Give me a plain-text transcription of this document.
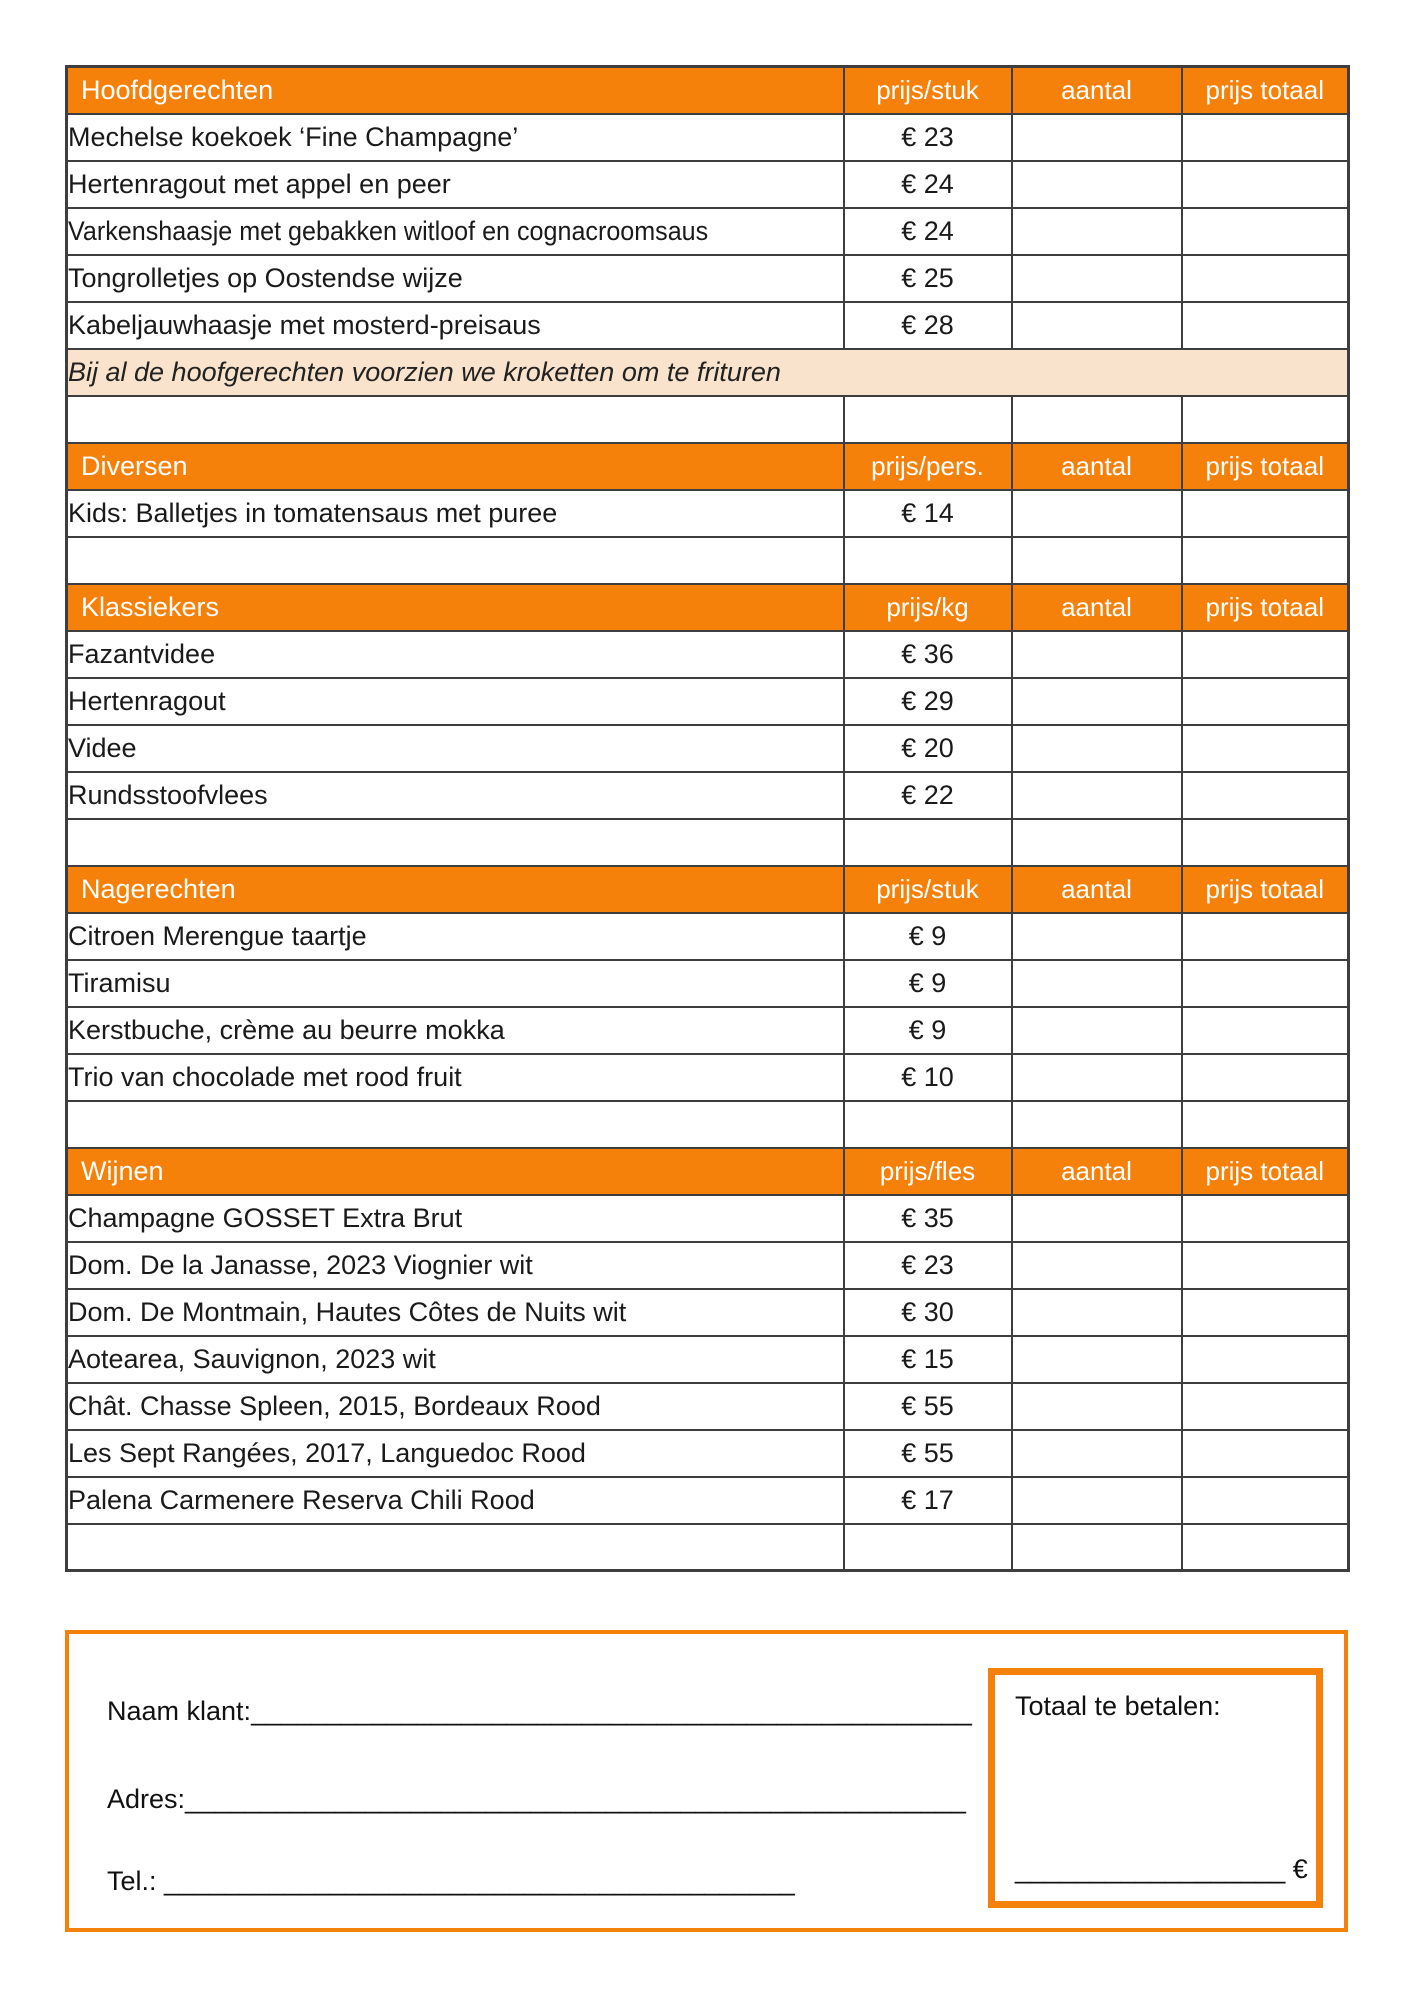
Hoofdgerechten	prijs/stuk	aantal	prijs totaal
Mechelse koekoek ‘Fine Champagne’	€ 23		
Hertenragout met appel en peer	€ 24		
Varkenshaasje met gebakken witloof en cognacroomsaus	€ 24		
Tongrolletjes op Oostendse wijze	€ 25		
Kabeljauwhaasje met mosterd-preisaus	€ 28		
Bij al de hoofgerechten voorzien we kroketten om te frituren			

Diversen	prijs/pers.	aantal	prijs totaal
Kids: Balletjes in tomatensaus met puree	€ 14		

Klassiekers	prijs/kg	aantal	prijs totaal
Fazantvidee	€ 36		
Hertenragout	€ 29		
Videe	€ 20		
Rundsstoofvlees	€ 22		

Nagerechten	prijs/stuk	aantal	prijs totaal
Citroen Merengue taartje	€ 9		
Tiramisu	€ 9		
Kerstbuche, crème au beurre mokka	€ 9		
Trio van chocolade met rood fruit	€ 10		

Wijnen	prijs/fles	aantal	prijs totaal
Champagne GOSSET Extra Brut	€ 35		
Dom. De la Janasse, 2023 Viognier wit	€ 23		
Dom. De Montmain, Hautes Côtes de Nuits wit	€ 30		
Aotearea, Sauvignon, 2023 wit	€ 15		
Chât. Chasse Spleen, 2015, Bordeaux Rood	€ 55		
Les Sept Rangées, 2017, Languedoc Rood	€ 55		
Palena Carmenere Reserva Chili Rood	€ 17		

Naam klant:________________________________________________
Adres:____________________________________________________
Tel.: __________________________________________
Totaal te betalen:
__________________ €
